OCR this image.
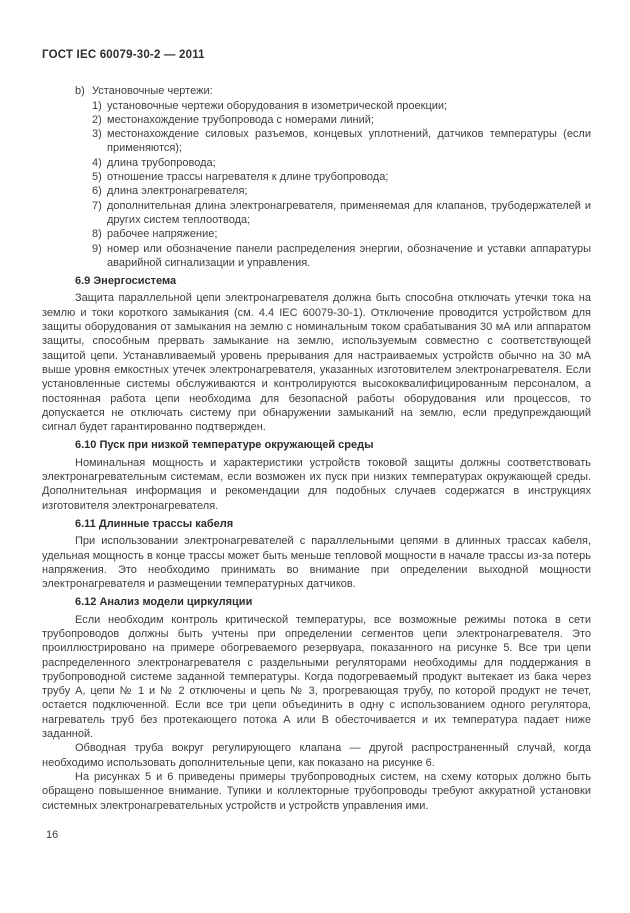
ГОСТ IEC 60079-30-2 — 2011
b) Установочные чертежи:
1) установочные чертежи оборудования в изометрической проекции;
2) местонахождение трубопровода с номерами линий;
3) местонахождение силовых разъемов, концевых уплотнений, датчиков температуры (если применяются);
4) длина трубопровода;
5) отношение трассы нагревателя к длине трубопровода;
6) длина электронагревателя;
7) дополнительная длина электронагревателя, применяемая для клапанов, трубодержателей и других систем теплоотвода;
8) рабочее напряжение;
9) номер или обозначение панели распределения энергии, обозначение и уставки аппаратуры аварийной сигнализации и управления.
6.9 Энергосистема

Защита параллельной цепи электронагревателя должна быть способна отключать утечки тока на землю и токи короткого замыкания (см. 4.4 IEC 60079-30-1). Отключение проводится устройством для защиты оборудования от замыкания на землю с номинальным током срабатывания 30 мА или аппаратом защиты, способным прервать замыкание на землю, используемым совместно с соответствующей защитой цепи. Устанавливаемый уровень прерывания для настраиваемых устройств обычно на 30 мА выше уровня емкостных утечек электронагревателя, указанных изготовителем электронагревателя. Если установленные системы обслуживаются и контролируются высококвалифицированным персоналом, а постоянная работа цепи необходима для безопасной работы оборудования или процессов, то допускается не отключать систему при обнаружении замыканий на землю, если предупреждающий сигнал будет гарантированно подтвержден.

6.10 Пуск при низкой температуре окружающей среды

Номинальная мощность и характеристики устройств токовой защиты должны соответствовать электронагревательным системам, если возможен их пуск при низких температурах окружающей среды. Дополнительная информация и рекомендации для подобных случаев содержатся в инструкциях изготовителя электронагревателя.

6.11 Длинные трассы кабеля

При использовании электронагревателей с параллельными цепями в длинных трассах кабеля, удельная мощность в конце трассы может быть меньше тепловой мощности в начале трассы из-за потерь напряжения. Это необходимо принимать во внимание при определении выходной мощности электронагревателя и размещении температурных датчиков.

6.12 Анализ модели циркуляции

Если необходим контроль критической температуры, все возможные режимы потока в сети трубопроводов должны быть учтены при определении сегментов цепи электронагревателя. Это проиллюстрировано на примере обогреваемого резервуара, показанного на рисунке 5. Все три цепи распределенного электронагревателя с раздельными регуляторами необходимы для поддержания в трубопроводной системе заданной температуры. Когда подогреваемый продукт вытекает из бака через трубу А, цепи № 1 и № 2 отключены и цепь № 3, прогревающая трубу, по которой продукт не течет, остается подключенной. Если все три цепи объединить в одну с использованием одного регулятора, нагреватель труб без протекающего потока А или В обесточивается и их температура падает ниже заданной.

Обводная труба вокруг регулирующего клапана — другой распространенный случай, когда необходимо использовать дополнительные цепи, как показано на рисунке 6.

На рисунках 5 и 6 приведены примеры трубопроводных систем, на схему которых должно быть обращено повышенное внимание. Тупики и коллекторные трубопроводы требуют аккуратной установки системных электронагревательных устройств и устройств управления ими.

16
